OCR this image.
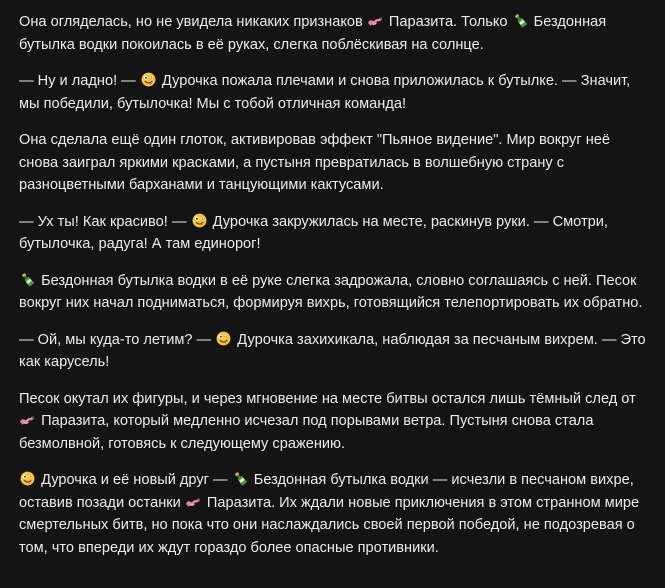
Она огляделась, но не увидела никаких признаков Паразита. Только Бездонная бутылка водки покоилась в её руках, слегка поблёскивая на солнце.

— Ну и ладно! — Дурочка пожала плечами и снова приложилась к бутылке. — Значит, мы победили, бутылочка! Мы с тобой отличная команда!

Она сделала ещё один глоток, активировав эффект "Пьяное видение". Мир вокруг неё снова заиграл яркими красками, а пустыня превратилась в волшебную страну с разноцветными барханами и танцующими кактусами.

— Ух ты! Как красиво! — Дурочка закружилась на месте, раскинув руки. — Смотри, бутылочка, радуга! А там единорог!

Бездонная бутылка водки в её руке слегка задрожала, словно соглашаясь с ней. Песок вокруг них начал подниматься, формируя вихрь, готовящийся телепортировать их обратно.

— Ой, мы куда-то летим? — Дурочка захихикала, наблюдая за песчаным вихрем. — Это как карусель!

Песок окутал их фигуры, и через мгновение на месте битвы остался лишь тёмный след от
Паразита, который медленно исчезал под порывами ветра. Пустыня снова стала безмолвной, готовясь к следующему сражению.

Дурочка и её новый друг — Бездонная бутылка водки — исчезли в песчаном вихре, оставив позади останки Паразита. Их ждали новые приключения в этом странном мире смертельных битв, но пока что они наслаждались своей первой победой, не подозревая о том, что впереди их ждут гораздо более опасные противники.
